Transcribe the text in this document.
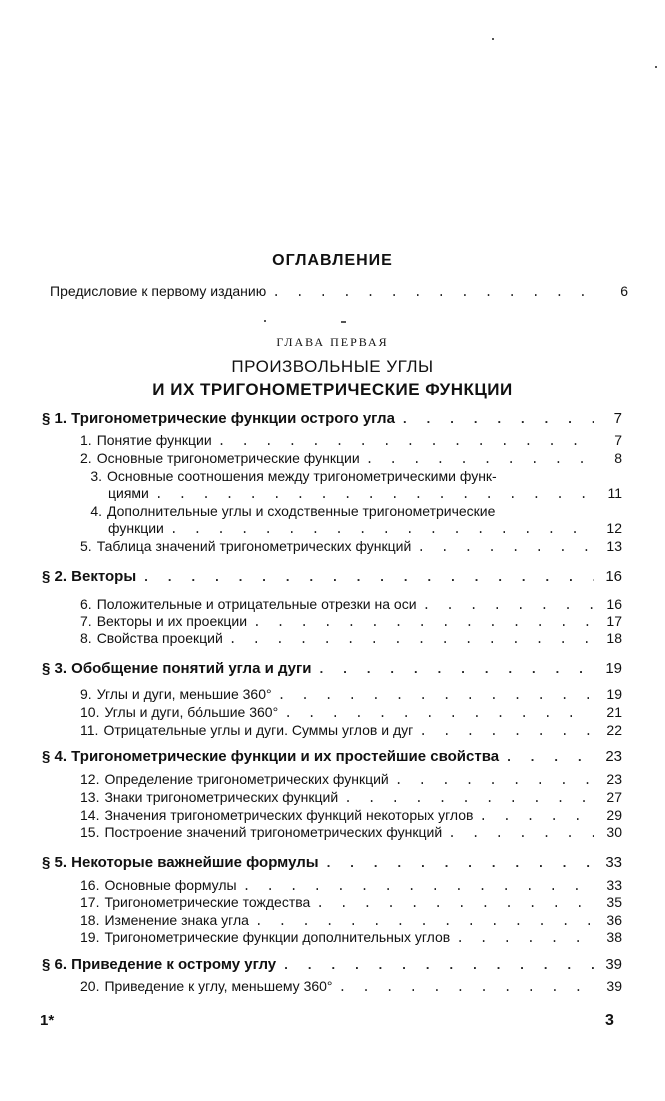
ОГЛАВЛЕНИЕ
Предисловие к первому изданию . . .	6
ГЛАВА ПЕРВАЯ
ПРОИЗВОЛЬНЫЕ УГЛЫ
И ИХ ТРИГОНОМЕТРИЧЕСКИЕ ФУНКЦИИ
§ 1. Тригонометрические функции острого угла . . .	7
1. Понятие функции . . .	7
2. Основные тригонометрические функции . . .	8
3. Основные соотношения между тригонометрическими функ-
циями . . .	11
4. Дополнительные углы и сходственные тригонометрические
функции . . .	12
5. Таблица значений тригонометрических функций . . .	13
§ 2. Векторы . . .	16
6. Положительные и отрицательные отрезки на оси . . .	16
7. Векторы и их проекции . . .	17
8. Свойства проекций . . .	18
§ 3. Обобщение понятий угла и дуги . . .	19
9. Углы и дуги, меньшие 360° . . .	19
10. Углы и дуги, бо́льшие 360° . . .	21
11. Отрицательные углы и дуги. Суммы углов и дуг . . .	22
§ 4. Тригонометрические функции и их простейшие свойства . . .	23
12. Определение тригонометрических функций . . .	23
13. Знаки тригонометрических функций . . .	27
14. Значения тригонометрических функций некоторых углов . . .	29
15. Построение значений тригонометрических функций . . .	30
§ 5. Некоторые важнейшие формулы . . .	33
16. Основные формулы . . .	33
17. Тригонометрические тождества . . .	35
18. Изменение знака угла . . .	36
19. Тригонометрические функции дополнительных углов . . .	38
§ 6. Приведение к острому углу . . .	39
20. Приведение к углу, меньшему 360° . . .	39
1*	3
